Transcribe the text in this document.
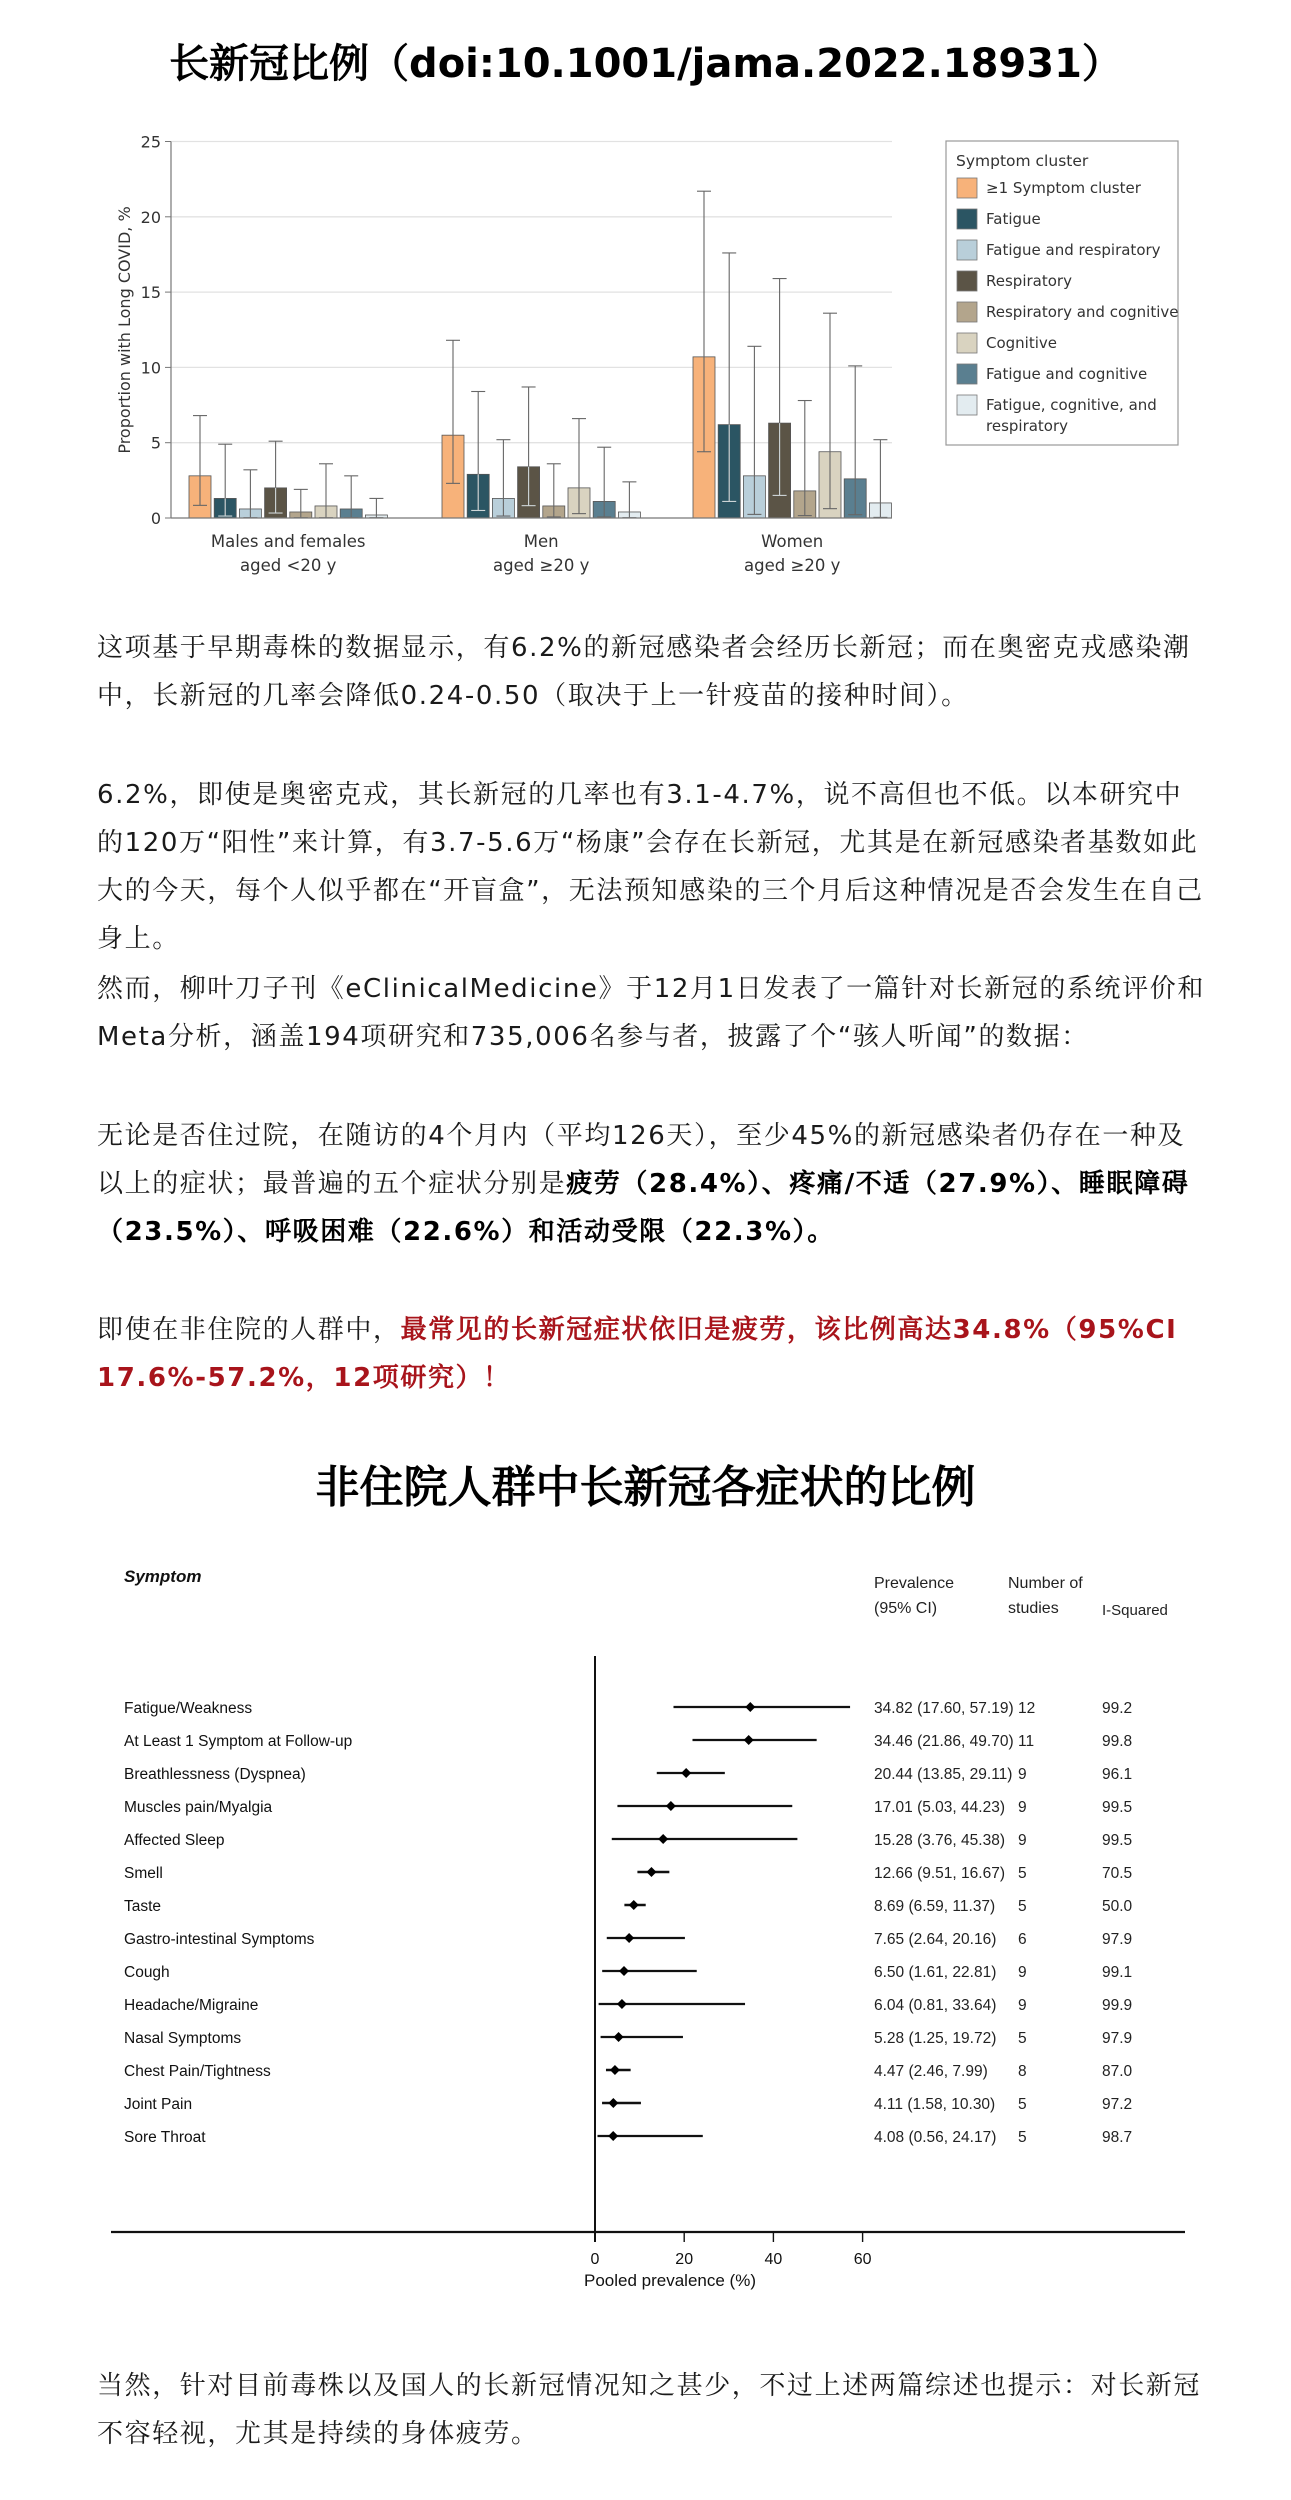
长新冠比例（doi:10.1001/jama.2022.18931）
0
5
10
15
20
25
Males and females
aged <20 y
Men
aged ≥20 y
Women
aged ≥20 y
Proportion with Long COVID, %
Symptom cluster
≥1 Symptom cluster
Fatigue
Fatigue and respiratory
Respiratory
Respiratory and cognitive
Cognitive
Fatigue and cognitive
Fatigue, cognitive, and
respiratory
这项基于早期毒株的数据显示，有6.2%的新冠感染者会经历长新冠；而在奥密克戎感染潮中，长新冠的几率会降低0.24-0.50（取决于上一针疫苗的接种时间）。
6.2%，即使是奥密克戎，其长新冠的几率也有3.1-4.7%，说不高但也不低。以本研究中的120万“阳性”来计算，有3.7-5.6万“杨康”会存在长新冠，尤其是在新冠感染者基数如此大的今天，每个人似乎都在“开盲盒”，无法预知感染的三个月后这种情况是否会发生在自己身上。
然而，柳叶刀子刊《eClinicalMedicine》于12月1日发表了一篇针对长新冠的系统评价和Meta分析，涵盖194项研究和735,006名参与者，披露了个“骇人听闻”的数据：
无论是否住过院，在随访的4个月内（平均126天），至少45%的新冠感染者仍存在一种及以上的症状；最普遍的五个症状分别是疲劳（28.4%）、疼痛/不适（27.9%）、睡眠障碍（23.5%）、呼吸困难（22.6%）和活动受限（22.3%）。
即使在非住院的人群中，最常见的长新冠症状依旧是疲劳，该比例高达34.8%（95%CI 17.6%-57.2%，12项研究）！
非住院人群中长新冠各症状的比例
Symptom	Prevalence
(95% CI)
Number of
studies	I-Squared
Fatigue/Weakness	34.82 (17.60, 57.19) 12	99.2
At Least 1 Symptom at Follow-up	34.46 (21.86, 49.70) 11	99.8
Breathlessness (Dyspnea)	20.44 (13.85, 29.11) 9	96.1
Muscles pain/Myalgia	17.01 (5.03, 44.23) 9	99.5
Affected Sleep	15.28 (3.76, 45.38) 9	99.5
Smell	12.66 (9.51, 16.67) 5	70.5
Taste	8.69 (6.59, 11.37) 5	50.0
Gastro-intestinal Symptoms	7.65 (2.64, 20.16) 6	97.9
Cough	6.50 (1.61, 22.81) 9	99.1
Headache/Migraine	6.04 (0.81, 33.64) 9	99.9
Nasal Symptoms	5.28 (1.25, 19.72) 5	97.9
Chest Pain/Tightness	4.47 (2.46, 7.99) 8	87.0
Joint Pain	4.11 (1.58, 10.30) 5	97.2
Sore Throat	4.08 (0.56, 24.17) 5	98.7
0	20	40	60
Pooled prevalence (%)
当然，针对目前毒株以及国人的长新冠情况知之甚少，不过上述两篇综述也提示：对长新冠不容轻视，尤其是持续的身体疲劳。
